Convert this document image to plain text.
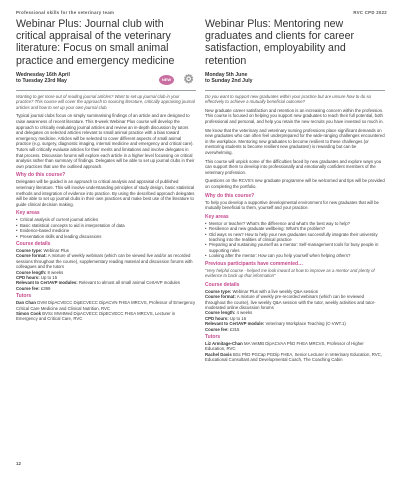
Professional skills for the veterinary team	RVC CPD 2022
Webinar Plus: Journal club with critical appraisal of the veterinary literature: Focus on small animal practice and emergency medicine
Wednesday 16th April
to Tuesday 23rd May	NEW ⚙

Wanting to get more out of reading journal articles? Want to set up journal club in your practice? This course will cover the approach to sourcing literature, critically appraising journal articles and how to set up your own journal club.

Typical journal clubs focus on simply summarising findings of an article and are designed to raise awareness of recent literature. This 8-week Webinar Plus course will develop the approach to critically evaluating journal articles and review an in-depth discussion by tutors and delegates on selected articles relevant to small animal practice with a bias toward emergency medicine. Articles will be selected to cover different aspects of small animal practice (e.g. surgery, diagnostic imaging, internal medicine and emergency and critical care). Tutors will critically evaluate articles for their merits and limitations and involve delegates in that process. Discussion forums will explore each article in a higher level focussing on critical analysis rather than summary of findings. Delegates will be able to set up journal clubs in their own practices that use the outlined approach.

Why do this course?

Delegates will be guided in an approach to critical analysis and appraisal of published veterinary literature. This will involve understanding principles of study design, basic statistical methods and integration of evidence into practice. By using the described approach delegates will be able to set up journal clubs in their own practices and make best use of the literature to guide clinical decision making.

Key areas
• Critical analysis of current journal articles
• Basic statistical concepts to aid in interpretation of data
• Evidence-based medicine
• Presentation skills and leading discussions
Course details

Course type: Webinar Plus

Course format: A mixture of weekly webinars (which can be viewed live and/or as recorded sessions throughout the course), supplementary reading material and discussion forums with colleagues and the tutors

Course length: 8 weeks

CPD hours: Up to 15

Relevant to CertAVP modules: Relevant to almost all small animal CertAVP modules

Course fee: £399

Tutors

Dan Chan DVM DipACVECC DipECVECC DipACVN FHEA MRCVS, Professor of Emergency Critical Care Medicine and Clinical Nutrition, RVC

Simon Cook BVSc MVetMed DipACVECC DipECVECC FHEA MRCVS, Lecturer in Emergency and Critical Care, RVC

Webinar Plus: Mentoring new graduates and clients for career satisfaction, employability and retention
Monday 5th June
to Sunday 2nd July

Do you want to support new graduates within your practice but are unsure how to do so effectively to achieve a mutually beneficial outcome?

New graduate career satisfaction and retention is an increasing concern within the profession. This course is focused on helping you support new graduates to reach their full potential, both professional and personal, and help you retain the new recruits you have invested so much in.

We know that the veterinary and veterinary nursing professions place significant demands on new graduates who can often feel underprepared for the wide-ranging challenges encountered in the workplace. Mentoring new graduates to become resilient to these challenges (or mentoring students to become resilient new graduates!) is rewarding but can be overwhelming.

This course will unpick some of the difficulties faced by new graduates and explore ways you can support them to develop into professionally and emotionally confident members of the veterinary profession.

Questions on the RCVS's new graduate programme will be welcomed and tips will be provided on completing the portfolio.

Why do this course?

To help you develop a supportive developmental environment for new graduates that will be mutually beneficial to them, yourself and your practice.

Key areas
• Mentor or teacher? What's the difference and what's the best way to help?
• Resilience and new graduate wellbeing: What's the problem?
• Old ways vs new? How to help your new graduates successfully integrate their university teaching into the realities of clinical practice
• Preparing and sustaining yourself as a mentor: Self-management tools for busy people in supporting roles
• Looking after the mentor: How can you help yourself when helping others?
Previous participants have commented…

"Very helpful course - helped me look inward at how to improve as a mentor and plenty of evidence to back up that information"

Course details

Course type: Webinar Plus with a live weekly Q&A session

Course format: A mixture of weekly pre-recorded webinars (which can be reviewed throughout the course), live weekly Q&A session with the tutor, weekly activities and tutor-moderated online discussion forums

Course length: 4 weeks

CPD hours: Up to 16

Relevant to CertAVP module: Veterinary Workplace Teaching (C-VWT.1)

Course fee: £315

Tutors

Liz Armitage-Chan MA VetMB DipACVAA PhD FHEA MRCVS, Professor of Higher Education, RVC

Rachel Davis BSc PhD PGCap PGDip FHEA, Senior Lecturer in Veterinary Education, RVC, Educational Consultant and Developmental Coach, The Coaching Cabin

12
